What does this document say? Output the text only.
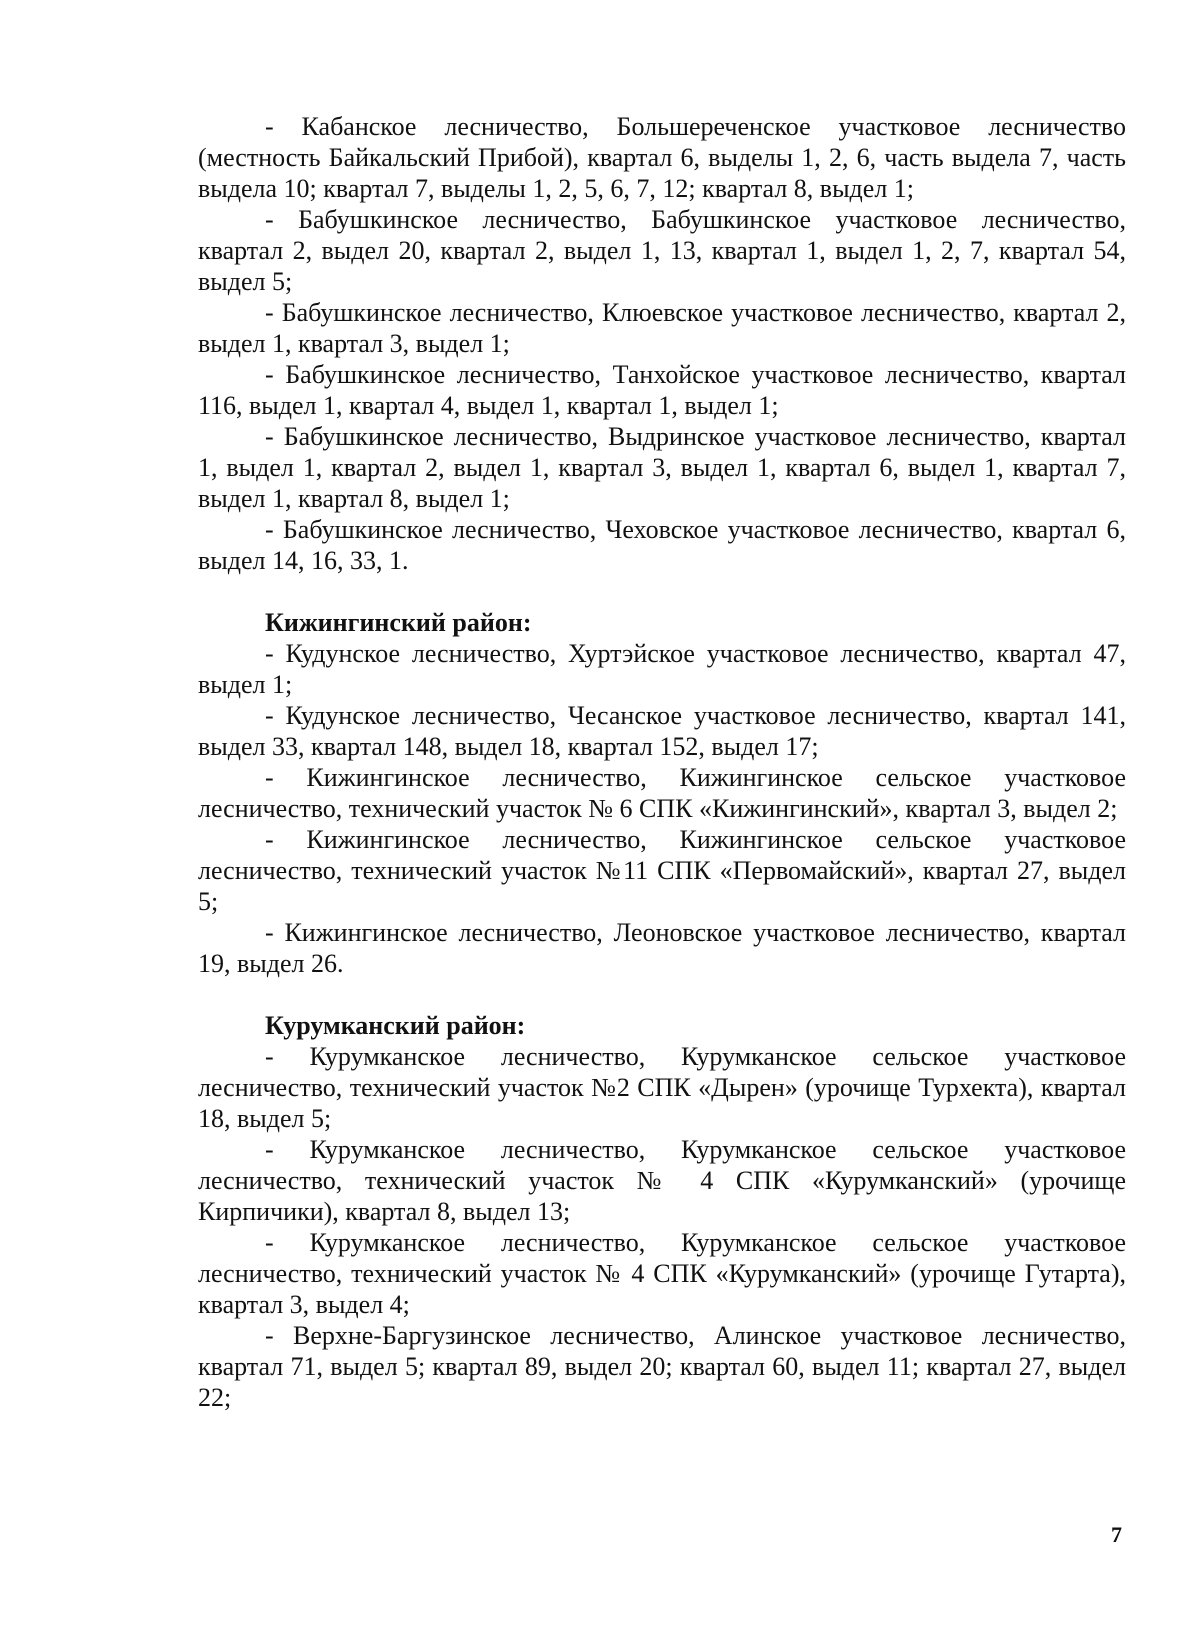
- Кабанское лесничество, Большереченское участковое лесничество (местность Байкальский Прибой), квартал 6, выделы 1, 2, 6, часть выдела 7, часть выдела 10; квартал 7, выделы 1, 2, 5, 6, 7, 12; квартал 8, выдел 1;

- Бабушкинское лесничество, Бабушкинское участковое лесничество, квартал 2, выдел 20, квартал 2, выдел 1, 13, квартал 1, выдел 1, 2, 7, квартал 54, выдел 5;

- Бабушкинское лесничество, Клюевское участковое лесничество, квартал 2, выдел 1, квартал 3, выдел 1;

- Бабушкинское лесничество, Танхойское участковое лесничество, квартал 116, выдел 1, квартал 4, выдел 1, квартал 1, выдел 1;

- Бабушкинское лесничество, Выдринское участковое лесничество, квартал 1, выдел 1, квартал 2, выдел 1, квартал 3, выдел 1, квартал 6, выдел 1, квартал 7, выдел 1, квартал 8, выдел 1;

- Бабушкинское лесничество, Чеховское участковое лесничество, квартал 6, выдел 14, 16, 33, 1.

Кижингинский район:

- Кудунское лесничество, Хуртэйское участковое лесничество, квартал 47, выдел 1;

- Кудунское лесничество, Чесанское участковое лесничество, квартал 141, выдел 33, квартал 148, выдел 18, квартал 152, выдел 17;

- Кижингинское лесничество, Кижингинское сельское участковое лесничество, технический участок № 6 СПК «Кижингинский», квартал 3, выдел 2;

- Кижингинское лесничество, Кижингинское сельское участковое лесничество, технический участок №11 СПК «Первомайский», квартал 27, выдел 5;

- Кижингинское лесничество, Леоновское участковое лесничество, квартал 19, выдел 26.

Курумканский район:

- Курумканское лесничество, Курумканское сельское участковое лесничество, технический участок №2 СПК «Дырен» (урочище Турхекта), квартал 18, выдел 5;

- Курумканское лесничество, Курумканское сельское участковое лесничество, технический участок № 4 СПК «Курумканский» (урочище Кирпичики), квартал 8, выдел 13;

- Курумканское лесничество, Курумканское сельское участковое лесничество, технический участок № 4 СПК «Курумканский» (урочище Гутарта), квартал 3, выдел 4;

- Верхне-Баргузинское лесничество, Алинское участковое лесничество, квартал 71, выдел 5; квартал 89, выдел 20; квартал 60, выдел 11; квартал 27, выдел 22;

7
